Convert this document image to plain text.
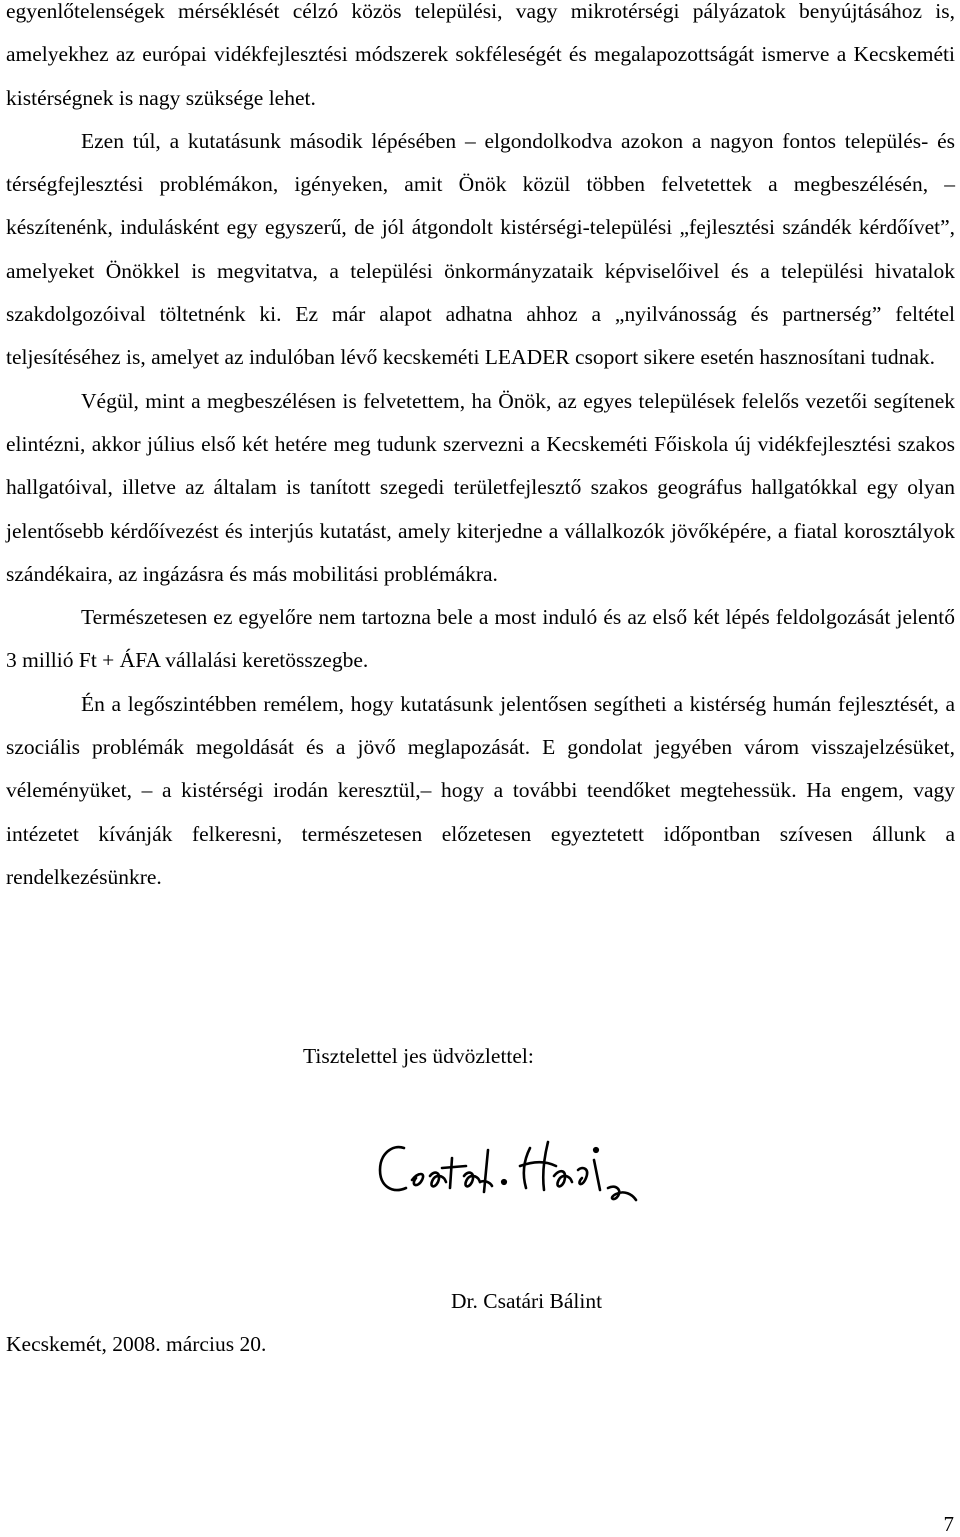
egyenlőtelenségek mérséklését célzó közös települési, vagy mikrotérségi pályázatok benyújtásához is, amelyekhez az európai vidékfejlesztési módszerek sokféleségét és megalapozottságát ismerve a Kecskeméti kistérségnek is nagy szüksége lehet.

Ezen túl, a kutatásunk második lépésében – elgondolkodva azokon a nagyon fontos település- és térségfejlesztési problémákon, igényeken, amit Önök közül többen felvetettek a megbeszélésén, – készítenénk, indulásként egy egyszerű, de jól átgondolt kistérségi-települési „fejlesztési szándék kérdőívet”, amelyeket Önökkel is megvitatva, a települési önkormányzataik képviselőivel és a települési hivatalok szakdolgozóival töltetnénk ki. Ez már alapot adhatna ahhoz a „nyilvánosság és partnerség” feltétel teljesítéséhez is, amelyet az indulóban lévő kecskeméti LEADER csoport sikere esetén hasznosítani tudnak.

Végül, mint a megbeszélésen is felvetettem, ha Önök, az egyes települések felelős vezetői segítenek elintézni, akkor július első két hetére meg tudunk szervezni a Kecskeméti Főiskola új vidékfejlesztési szakos hallgatóival, illetve az általam is tanított szegedi területfejlesztő szakos geográfus hallgatókkal egy olyan jelentősebb kérdőívezést és interjús kutatást, amely kiterjedne a vállalkozók jövőképére, a fiatal korosztályok szándékaira, az ingázásra és más mobilitási problémákra.

Természetesen ez egyelőre nem tartozna bele a most induló és az első két lépés feldolgozását jelentő 3 millió Ft + ÁFA vállalási keretösszegbe.

Én a legőszintébben remélem, hogy kutatásunk jelentősen segítheti a kistérség humán fejlesztését, a szociális problémák megoldását és a jövő meglapozását. E gondolat jegyében várom visszajelzésüket, véleményüket, – a kistérségi irodán keresztül,– hogy a további teendőket megtehessük. Ha engem, vagy intézetet kívánják felkeresni, természetesen előzetesen egyeztetett időpontban szívesen állunk a rendelkezésünkre.

Tisztelettel jes üdvözlettel:
Dr. Csatári Bálint
Kecskemét, 2008. március 20.
7
